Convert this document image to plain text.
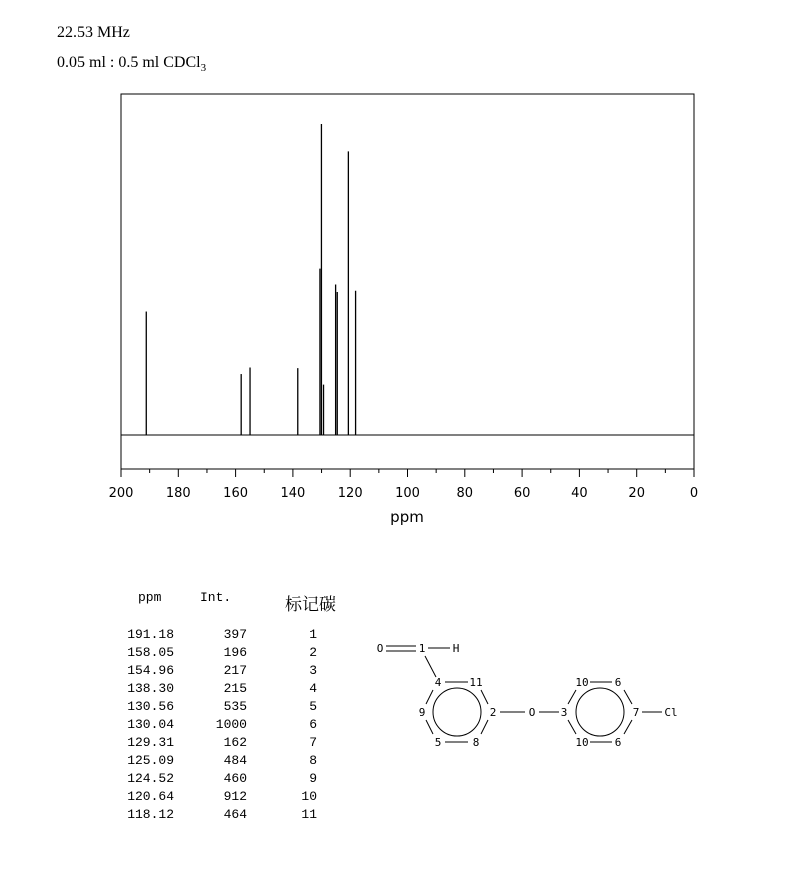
22.53 MHz
0.05 ml : 0.5 ml CDCl$_3$
200 180 160 140 120 100	80	60	40	20	0
ppm
ppm	Int.	标记碳
191.18	397	1
158.05	196	2
154.96	217	3
138.30	215	4
130.56	535	5
130.04	1000	6
129.31	162	7
125.09	484	8
124.52	460	9
120.64	912	10
118.12	464	11
O	1 H
4	11
9	2
5	8
O 3
10 6
7 Cl
10 6
